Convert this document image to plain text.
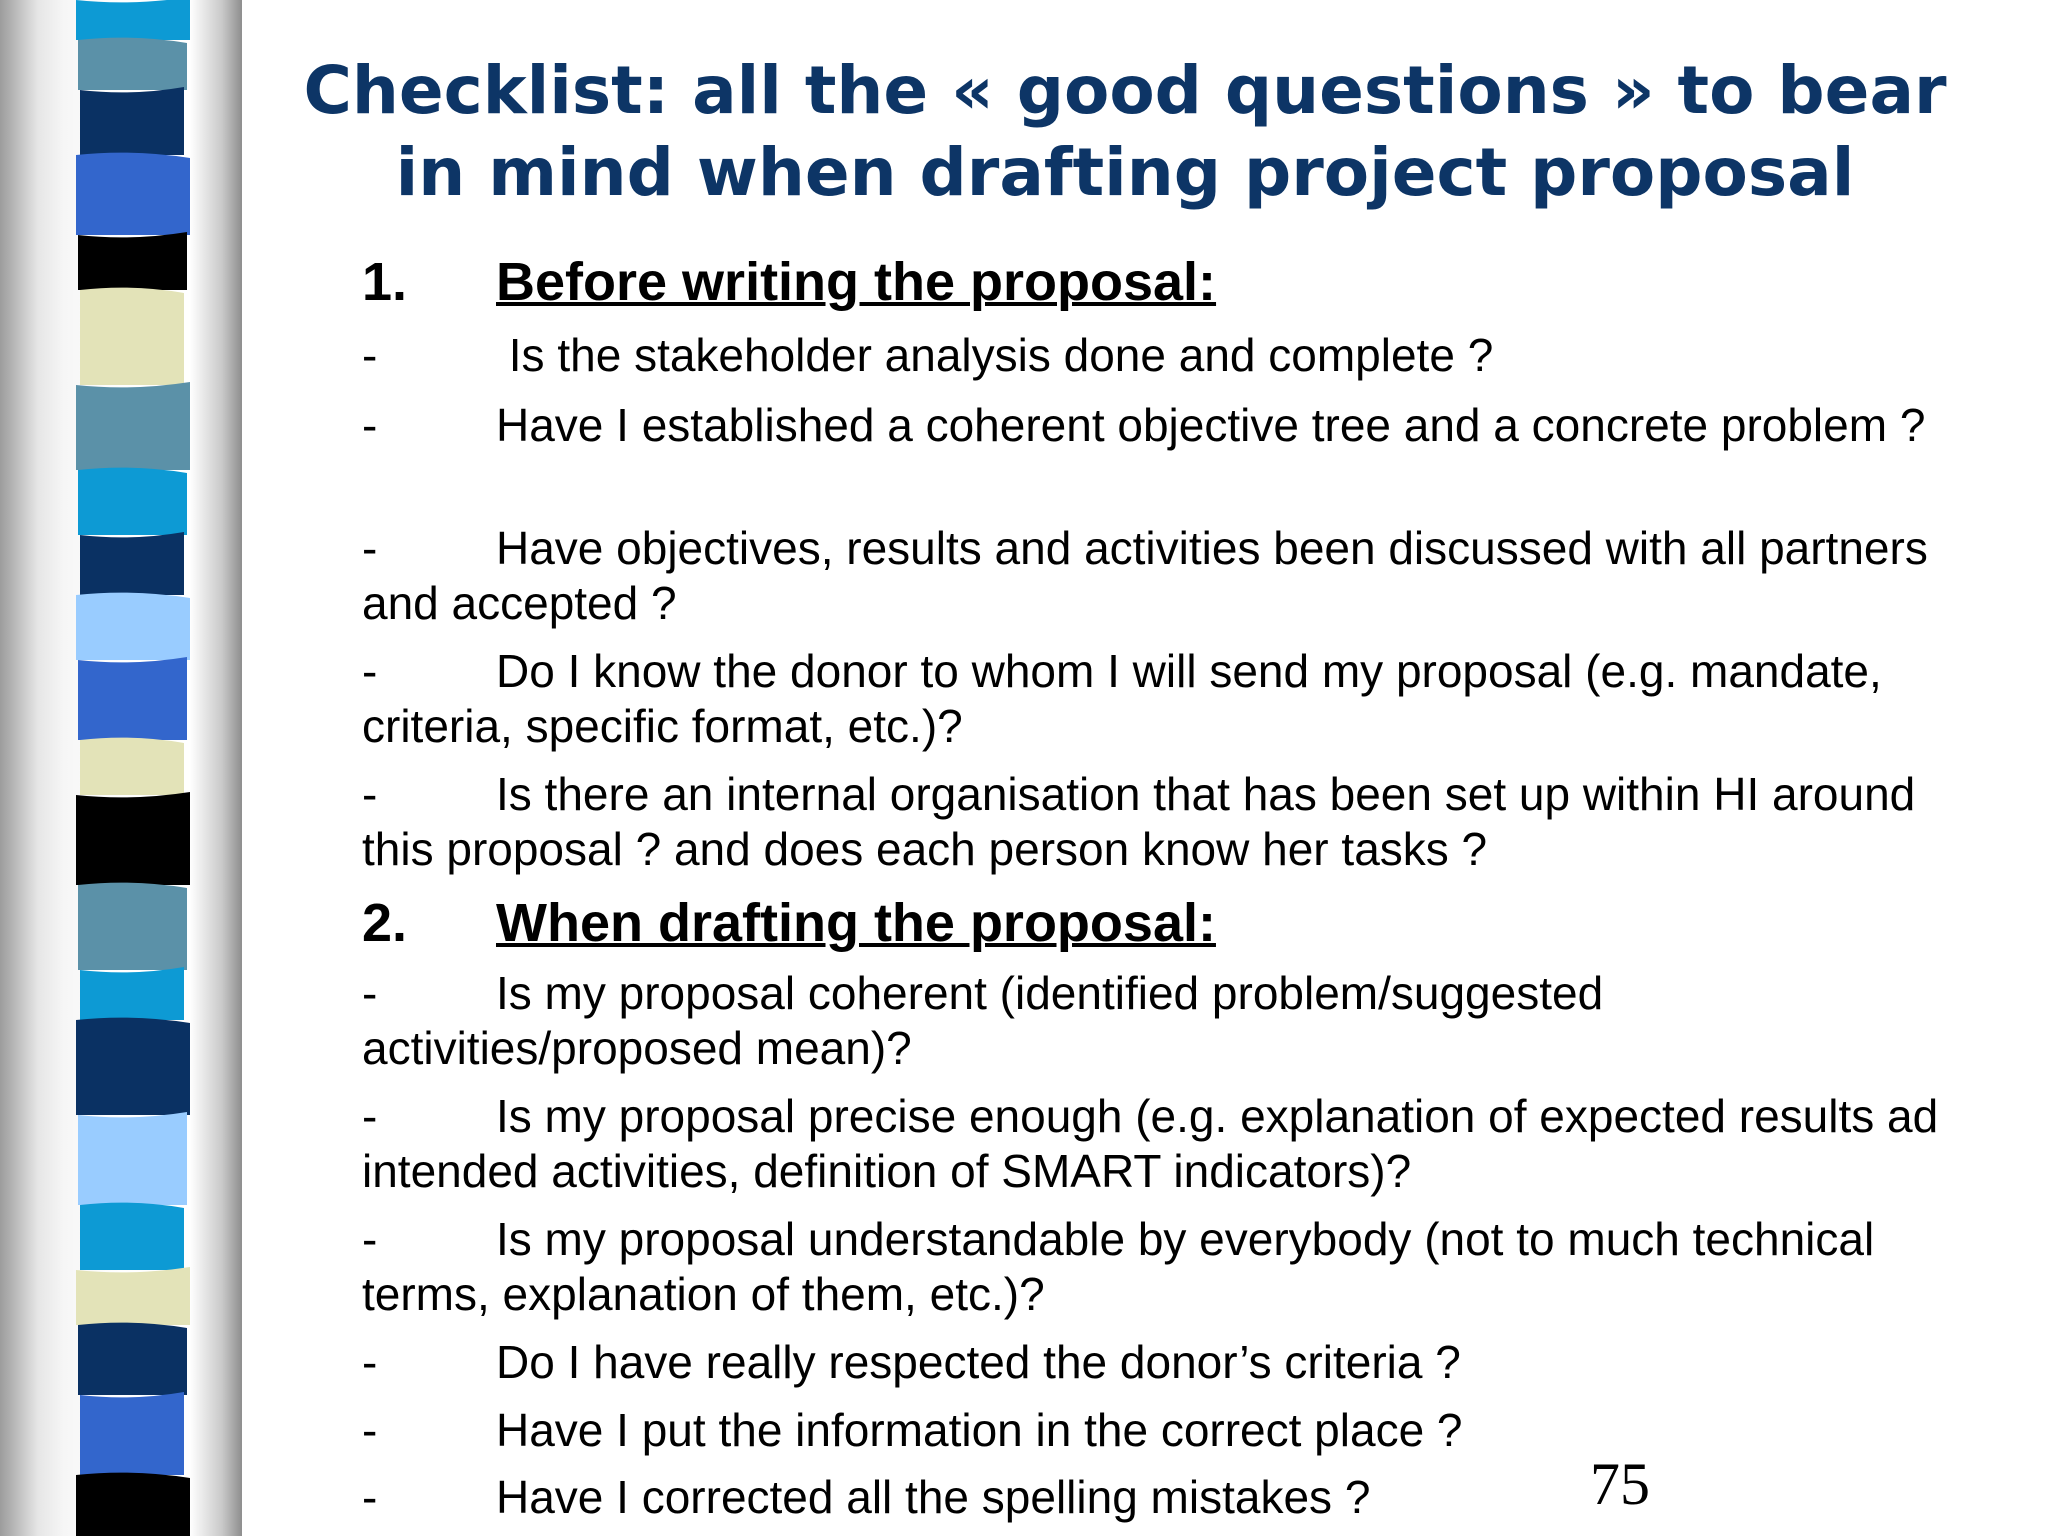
Checklist: all the « good questions » to bear in mind when drafting project proposal
1. Before writing the proposal:
-	Is the stakeholder analysis done and complete ?
-	Have I established a coherent objective tree and a concrete problem ?
-	Have objectives, results and activities been discussed with all partners and accepted ?
-	Do I know the donor to whom I will send my proposal (e.g. mandate, criteria, specific format, etc.)?
-	Is there an internal organisation that has been set up within HI around this proposal ? and does each person know her tasks ?
2. When drafting the proposal:
-	Is my proposal coherent (identified problem/suggested activities/proposed mean)?
-	Is my proposal precise enough (e.g. explanation of expected results ad intended activities, definition of SMART indicators)?
-	Is my proposal understandable by everybody (not to much technical terms, explanation of them, etc.)?
-	Do I have really respected the donor’s criteria ?
-	Have I put the information in the correct place ?
-	Have I corrected all the spelling mistakes ?	75
